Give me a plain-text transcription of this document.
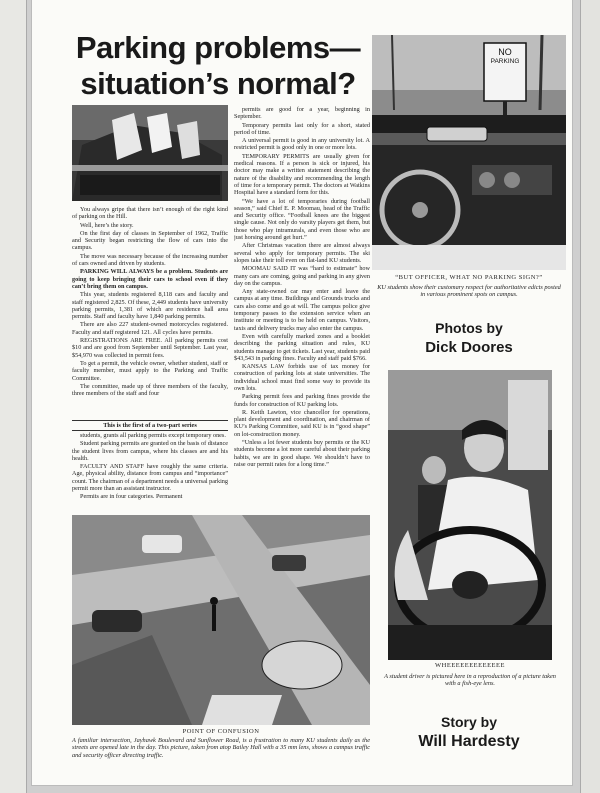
Parking problems—
situation’s normal?

You always gripe that there isn’t enough of the right kind of parking on the Hill.

Well, here’s the story.

On the first day of classes in September of 1962, Traffic and Security began restricting the flow of cars into the campus.

The move was necessary because of the increasing number of cars owned and driven by students.

PARKING WILL ALWAYS be a problem. Students are going to keep bringing their cars to school even if they can’t bring them on campus.

This year, students registered 8,118 cars and faculty and staff registered 2,825. Of these, 2,449 students have university parking permits, 1,381 of which are residence hall area permits. Staff and faculty have 1,840 parking permits.

There are also 227 student-owned motorcycles registered. Faculty and staff registered 121. All cycles have permits.

REGISTRATIONS ARE FREE. All parking permits cost $10 and are good from September until September. Last year, $54,970 was collected in permit fees.

To get a permit, the vehicle owner, whether student, staff or faculty member, must apply to the Parking and Traffic Committee.

The committee, made up of three members of the faculty, three members of the staff and four

This is the first of a two-part series

students, grants all parking permits except temporary ones.

Student parking permits are granted on the basis of distance the student lives from campus, where his classes are and his health.

FACULTY AND STAFF have roughly the same criteria. Age, physical ability, distance from campus and “importance” count. The chairman of a department needs a universal parking permit more than an assistant instructor.

Permits are in four categories. Permanent

permits are good for a year, beginning in September.

Temporary permits last only for a short, stated period of time.

A universal permit is good in any university lot. A restricted permit is good only in one or more lots.

TEMPORARY PERMITS are usually given for medical reasons. If a person is sick or injured, his doctor may make a written statement describing the nature of the disability and recommending the length of time for a temporary permit. The doctors at Watkins Hospital have a standard form for this.

“We have a lot of temporaries during football season,” said Chief E. P. Moomau, head of the Traffic and Security office. “Football knees are the biggest single cause. Not only do varsity players get them, but those who play intramurals, and even those who are just horsing around get hurt.”

After Christmas vacation there are almost always several who apply for temporary permits. The ski slopes take their toll even on flat-land KU students.

MOOMAU SAID IT was “hard to estimate” how many cars are coming, going and parking in any given day on the campus.

Any state-owned car may enter and leave the campus at any time. Buildings and Grounds trucks and cars also come and go at will. The campus police give temporary passes to the extension service when an institute or meeting is to be held on campus. Visitors, taxis and delivery trucks may also enter the campus.

Even with carefully marked zones and a booklet describing the parking situation and rules, KU students manage to get tickets. Last year, students paid $43,543 in parking fines. Faculty and staff paid $766.

KANSAS LAW forbids use of tax money for construction of parking lots at state universities. The individual school must find some way to provide its own lots.

Parking permit fees and parking fines provide the funds for construction of KU parking lots.

R. Keith Lawton, vice chancellor for operations, plant development and coordination, and chairman of KU’s Parking Committee, said KU is in “good shape” on lot-construction money.

“Unless a lot fewer students buy permits or the KU students become a lot more careful about their parking habits, we are in good shape. We shouldn’t have to raise our permit rates for a long time.”

NO
PARKING
“BUT OFFICER, WHAT NO PARKING SIGN?”
KU students show their customary respect for authoritative edicts posted in various prominent spots on campus.
Photos by
Dick Doores
WHEEEEEEEEEEEEE
A student driver is pictured here in a reproduction of a picture taken with a fish-eye lens.
POINT OF CONFUSION
A familiar intersection, Jayhawk Boulevard and Sunflower Road, is a frustration to many KU students daily as the streets are opened late in the day. This picture, taken from atop Bailey Hall with a 35 mm lens, shows a campus traffic and security officer directing traffic.
Story by
Will Hardesty
